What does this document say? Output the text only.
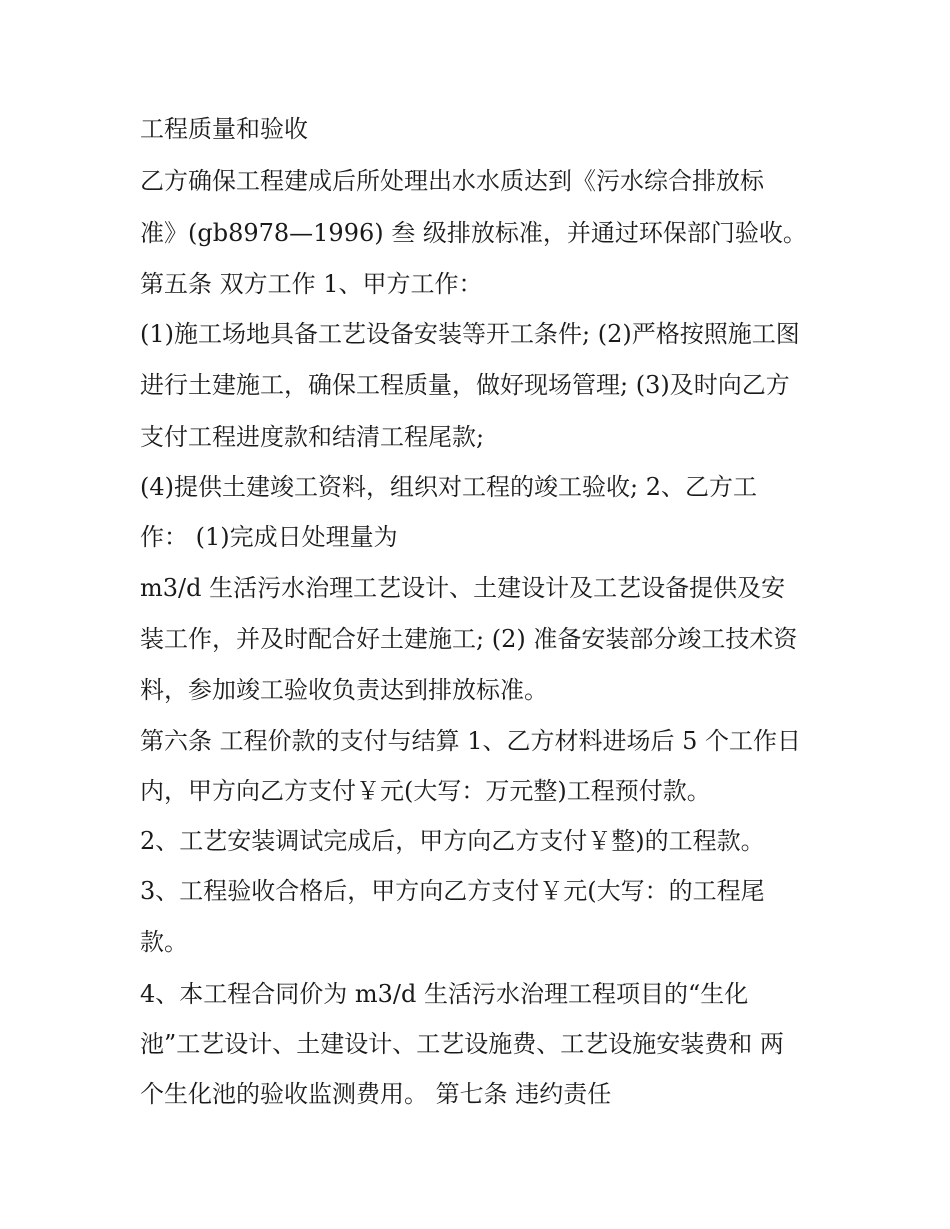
工程质量和验收
乙方确保工程建成后所处理出水水质达到《污水综合排放标
准》(gb8978—1996) 叁 级排放标准，并通过环保部门验收。
第五条 双方工作 1、甲方工作：
(1)施工场地具备工艺设备安装等开工条件; (2)严格按照施工图
进行土建施工，确保工程质量，做好现场管理; (3)及时向乙方
支付工程进度款和结清工程尾款;
(4)提供土建竣工资料，组织对工程的竣工验收; 2、乙方工
作： (1)完成日处理量为
m3/d 生活污水治理工艺设计、土建设计及工艺设备提供及安
装工作，并及时配合好土建施工; (2) 准备安装部分竣工技术资
料，参加竣工验收负责达到排放标准。
第六条 工程价款的支付与结算 1、乙方材料进场后 5 个工作日
内，甲方向乙方支付￥元(大写：万元整)工程预付款。
2、工艺安装调试完成后，甲方向乙方支付￥整)的工程款。
3、工程验收合格后，甲方向乙方支付￥元(大写：的工程尾
款。
4、本工程合同价为 m3/d 生活污水治理工程项目的“生化
池”工艺设计、土建设计、工艺设施费、工艺设施安装费和 两
个生化池的验收监测费用。 第七条 违约责任
